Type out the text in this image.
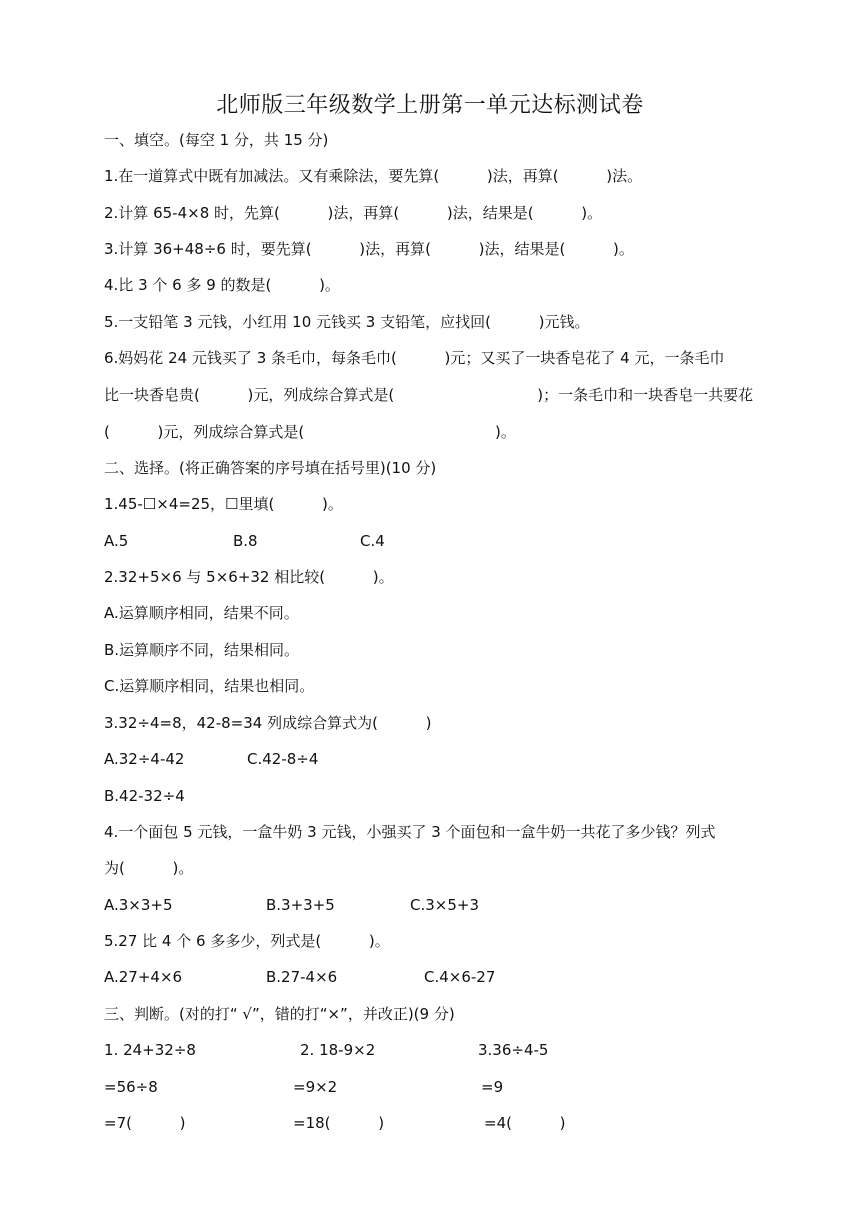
北师版三年级数学上册第一单元达标测试卷
一、填空。(每空 1 分，共 15 分)
1.在一道算式中既有加减法。又有乘除法，要先算(          )法，再算(          )法。
2.计算 65-4×8 时，先算(          )法，再算(          )法，结果是(          )。
3.计算 36+48÷6 时，要先算(          )法，再算(          )法，结果是(          )。
4.比 3 个 6 多 9 的数是(          )。
5.一支铅笔 3 元钱，小红用 10 元钱买 3 支铅笔，应找回(          )元钱。
6.妈妈花 24 元钱买了 3 条毛巾，每条毛巾(          )元；又买了一块香皂花了 4 元，一条毛巾
比一块香皂贵(          )元，列成综合算式是(                              )；一条毛巾和一块香皂一共要花
(          )元，列成综合算式是(                                        )。
二、选择。(将正确答案的序号填在括号里)(10 分)
1.45-☐×4=25，☐里填(          )。
A.5	B.8	C.4
2.32+5×6 与 5×6+32 相比较(          )。
A.运算顺序相同，结果不同。
B.运算顺序不同，结果相同。
C.运算顺序相同，结果也相同。
3.32÷4=8，42-8=34 列成综合算式为(          )
A.32÷4-42	C.42-8÷4
B.42-32÷4
4.一个面包 5 元钱，一盒牛奶 3 元钱，小强买了 3 个面包和一盒牛奶一共花了多少钱？列式
为(          )。
A.3×3+5	B.3+3+5	C.3×5+3
5.27 比 4 个 6 多多少，列式是(          )。
A.27+4×6	B.27-4×6	C.4×6-27
三、判断。(对的打“ √”，错的打“×”，并改正)(9 分)
1. 24+32÷8
=56÷8
=7(          )
2. 18-9×2
=9×2
=18(          )
3.36÷4-5
=9
=4(          )
